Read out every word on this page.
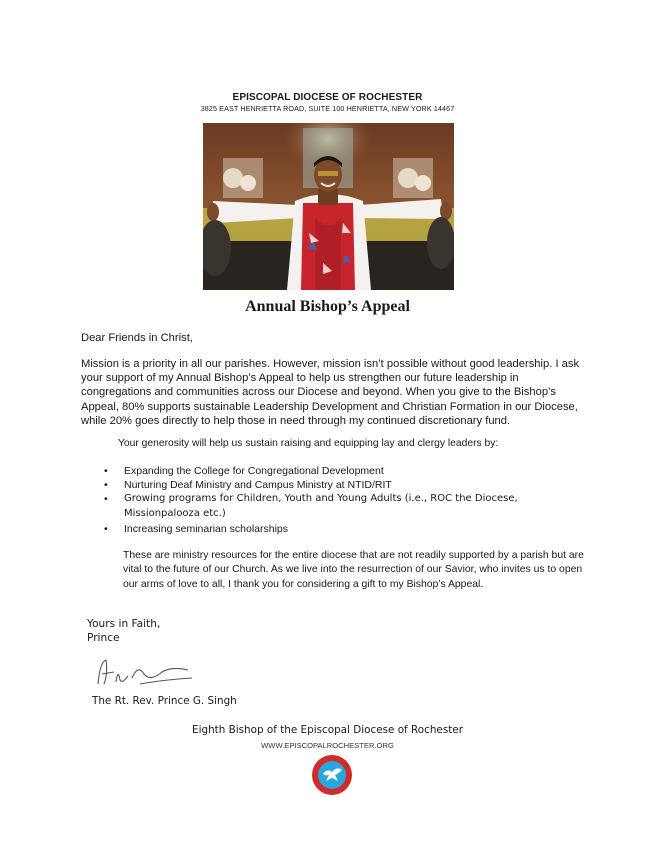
EPISCOPAL DIOCESE OF ROCHESTER
3825 EAST HENRIETTA ROAD, SUITE 100 HENRIETTA, NEW YORK 14467
Annual Bishop’s Appeal
Dear Friends in Christ,
Mission is a priority in all our parishes. However, mission isn’t possible without good leadership. I ask your support of my Annual Bishop’s Appeal to help us strengthen our future leadership in congregations and communities across our Diocese and beyond. When you give to the Bishop’s Appeal, 80% supports sustainable Leadership Development and Christian Formation in our Diocese, while 20% goes directly to help those in need through my continued discretionary fund.
Your generosity will help us sustain raising and equipping lay and clergy leaders by:
• Expanding the College for Congregational Development
• Nurturing Deaf Ministry and Campus Ministry at NTID/RIT
• Growing programs for Children, Youth and Young Adults (i.e., ROC the Diocese, Missionpalooza etc.)
• Increasing seminarian scholarships
These are ministry resources for the entire diocese that are not readily supported by a parish but are vital to the future of our Church. As we live into the resurrection of our Savior, who invites us to open our arms of love to all, I thank you for considering a gift to my Bishop’s Appeal.
Yours in Faith,
Prince
The Rt. Rev. Prince G. Singh
Eighth Bishop of the Episcopal Diocese of Rochester
WWW.EPISCOPALROCHESTER.ORG
